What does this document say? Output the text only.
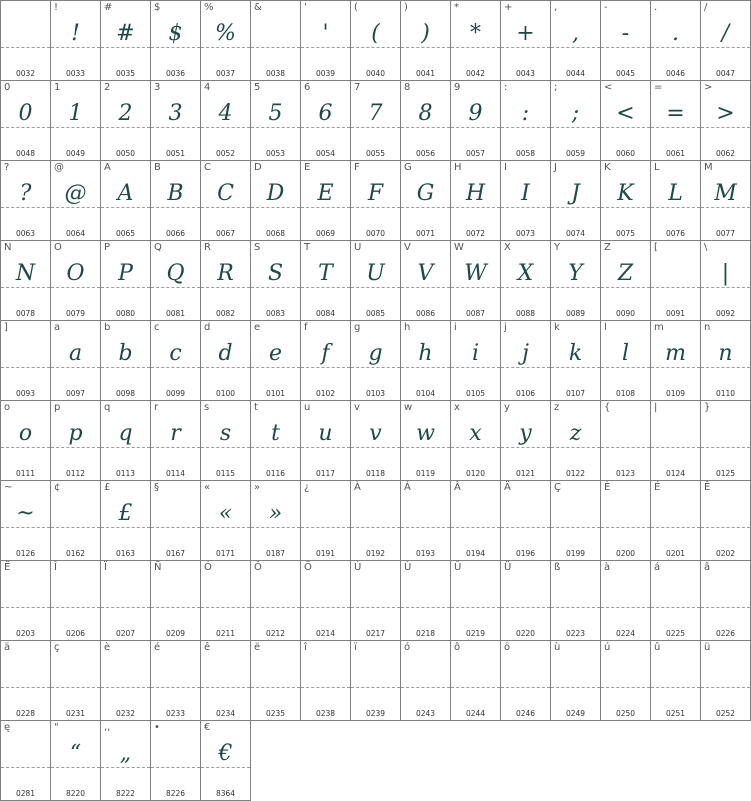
0032
!
!
0033
#
#
0035
$
$
0036
%
%
0037
&
0038
'
'
0039
(
(
0040
)
)
0041
*
*
0042
+
+
0043
,
,
0044
-
-
0045
.
.
0046
/
/
0047
0
0
0048
1
1
0049
2
2
0050
3
3
0051
4
4
0052
5
5
0053
6
6
0054
7
7
0055
8
8
0056
9
9
0057
:
:
0058
;
;
0059
<
<
0060
=
=
0061
>
>
0062
?
?
0063
@
@
0064
A
A
0065
B
B
0066
C
C
0067
D
D
0068
E
E
0069
F
F
0070
G
G
0071
H
H
0072
I
I
0073
J
J
0074
K
K
0075
L
L
0076
M
M
0077
N
N
0078
O
O
0079
P
P
0080
Q
Q
0081
R
R
0082
S
S
0083
T
T
0084
U
U
0085
V
V
0086
W
W
0087
X
X
0088
Y
Y
0089
Z
Z
0090
[
0091
\
|
0092
]
0093
a
a
0097
b
b
0098
c
c
0099
d
d
0100
e
e
0101
f
f
0102
g
g
0103
h
h
0104
i
i
0105
j
j
0106
k
k
0107
l
l
0108
m
m
0109
n
n
0110
o
o
0111
p
p
0112
q
q
0113
r
r
0114
s
s
0115
t
t
0116
u
u
0117
v
v
0118
w
w
0119
x
x
0120
y
y
0121
z
z
0122
{
0123
|
0124
}
0125
~
~
0126
¢
0162
£
£
0163
§
0167
«
«
0171
»
»
0187
¿
0191
À
0192
Á
0193
Â
0194
Ä
0196
Ç
0199
È
0200
É
0201
Ê
0202
Ë
0203
Î
0206
Ï
0207
Ñ
0209
Ó
0211
Ô
0212
Ö
0214
Ù
0217
Ú
0218
Û
0219
Ü
0220
ß
0223
à
0224
á
0225
â
0226
ä
0228
ç
0231
è
0232
é
0233
ê
0234
ë
0235
î
0238
ï
0239
ó
0243
ô
0244
ö
0246
ù
0249
ú
0250
û
0251
ü
0252
ę
0281
"
“
8220
,,
„
8222
•
8226
€
€
8364
